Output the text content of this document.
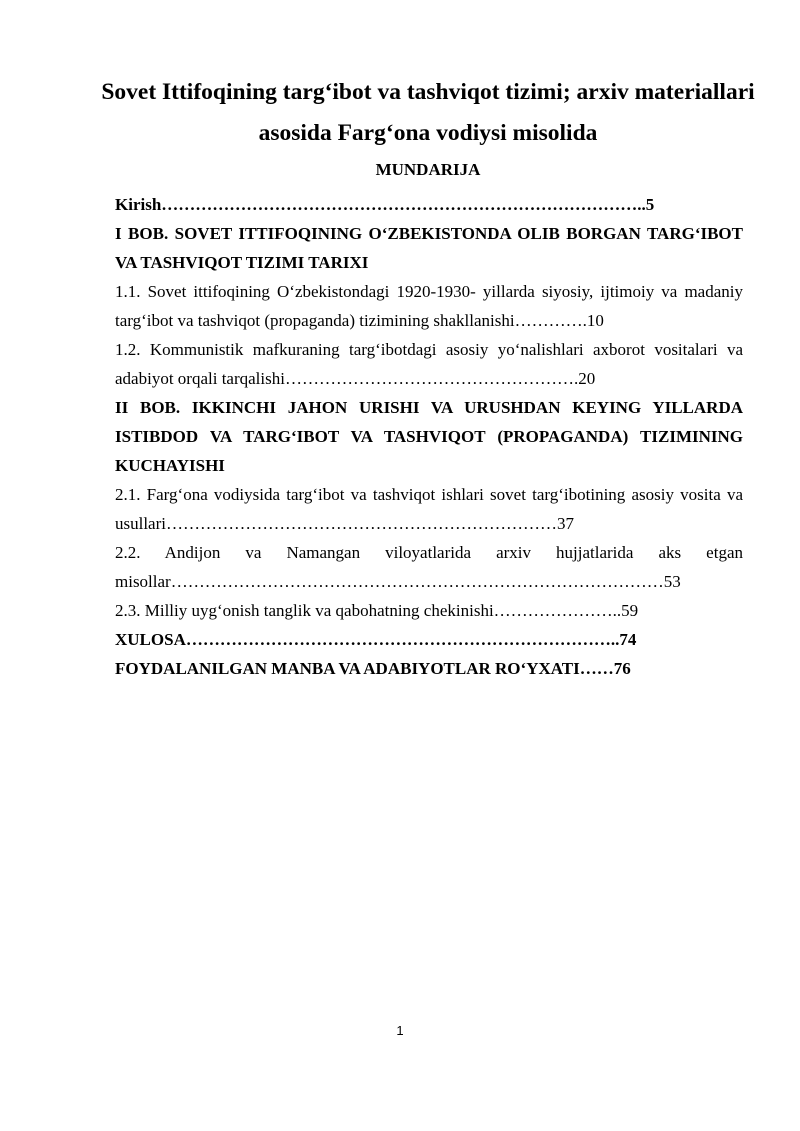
Sovet Ittifoqining targ‘ibot va tashviqot tizimi; arxiv materiallari asosida Farg‘ona vodiysi misolida
MUNDARIJA

Kirish…………………………………………………………………………..5

I BOB. SOVET ITTIFOQINING O‘ZBEKISTONDA OLIB BORGAN TARG‘IBOT VA TASHVIQOT TIZIMI TARIXI

1.1. Sovet ittifoqining O‘zbekistondagi 1920-1930- yillarda siyosiy, ijtimoiy va madaniy targ‘ibot va tashviqot (propaganda) tizimining shakllanishi………….10

1.2. Kommunistik mafkuraning targ‘ibotdagi asosiy yo‘nalishlari axborot vositalari va adabiyot orqali tarqalishi…………………………………………….20

II BOB. IKKINCHI JAHON URISHI VA URUSHDAN KEYING YILLARDA ISTIBDOD VA TARG‘IBOT VA TASHVIQOT (PROPAGANDA) TIZIMINING KUCHAYISHI

2.1. Farg‘ona vodiysida targ‘ibot va tashviqot ishlari sovet targ‘ibotining asosiy vosita va usullari……………………………………………………………37

2.2. Andijon va Namangan viloyatlarida arxiv hujjatlarida aks etgan misollar……………………………………………………………………………53

2.3. Milliy uyg‘onish tanglik va qabohatning chekinishi…………………..59

XULOSA…………………………………………………………………..74

FOYDALANILGAN MANBA VA ADABIYOTLAR RO‘YXATI……76

1
